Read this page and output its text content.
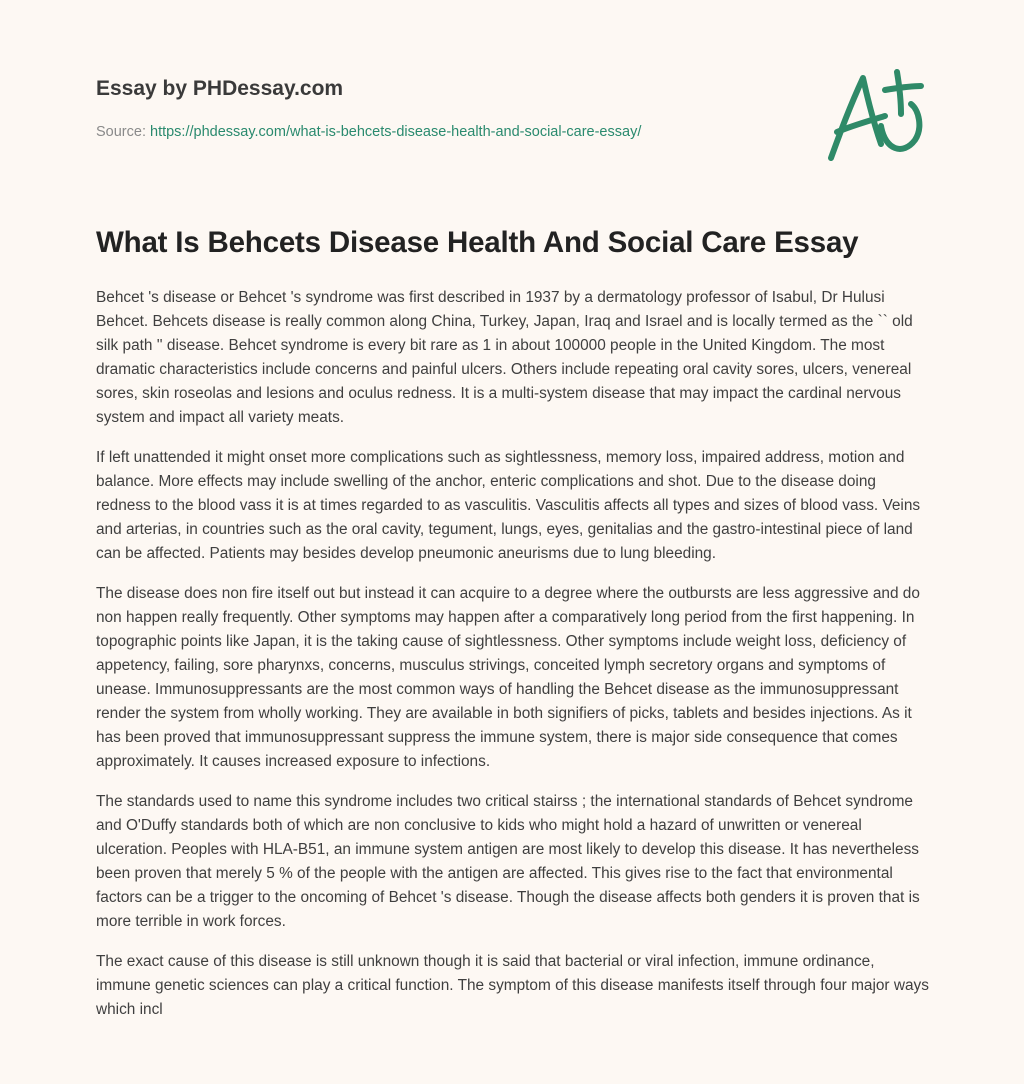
Essay by PHDessay.com
Source: https://phdessay.com/what-is-behcets-disease-health-and-social-care-essay/
What Is Behcets Disease Health And Social Care Essay

Behcet 's disease or Behcet 's syndrome was first described in 1937 by a dermatology professor of Isabul, Dr Hulusi Behcet. Behcets disease is really common along China, Turkey, Japan, Iraq and Israel and is locally termed as the `` old silk path '' disease. Behcet syndrome is every bit rare as 1 in about 100000 people in the United Kingdom. The most dramatic characteristics include concerns and painful ulcers. Others include repeating oral cavity sores, ulcers, venereal sores, skin roseolas and lesions and oculus redness. It is a multi-system disease that may impact the cardinal nervous system and impact all variety meats.

If left unattended it might onset more complications such as sightlessness, memory loss, impaired address, motion and balance. More effects may include swelling of the anchor, enteric complications and shot. Due to the disease doing redness to the blood vass it is at times regarded to as vasculitis. Vasculitis affects all types and sizes of blood vass. Veins and arterias, in countries such as the oral cavity, tegument, lungs, eyes, genitalias and the gastro-intestinal piece of land can be affected. Patients may besides develop pneumonic aneurisms due to lung bleeding.

The disease does non fire itself out but instead it can acquire to a degree where the outbursts are less aggressive and do non happen really frequently. Other symptoms may happen after a comparatively long period from the first happening. In topographic points like Japan, it is the taking cause of sightlessness. Other symptoms include weight loss, deficiency of appetency, failing, sore pharynxs, concerns, musculus strivings, conceited lymph secretory organs and symptoms of unease. Immunosuppressants are the most common ways of handling the Behcet disease as the immunosuppressant render the system from wholly working. They are available in both signifiers of picks, tablets and besides injections. As it has been proved that immunosuppressant suppress the immune system, there is major side consequence that comes approximately. It causes increased exposure to infections.

The standards used to name this syndrome includes two critical stairss ; the international standards of Behcet syndrome and O'Duffy standards both of which are non conclusive to kids who might hold a hazard of unwritten or venereal ulceration. Peoples with HLA-B51, an immune system antigen are most likely to develop this disease. It has nevertheless been proven that merely 5 % of the people with the antigen are affected. This gives rise to the fact that environmental factors can be a trigger to the oncoming of Behcet 's disease. Though the disease affects both genders it is proven that is more terrible in work forces.

The exact cause of this disease is still unknown though it is said that bacterial or viral infection, immune ordinance, immune genetic sciences can play a critical function. The symptom of this disease manifests itself through four major ways which incl
